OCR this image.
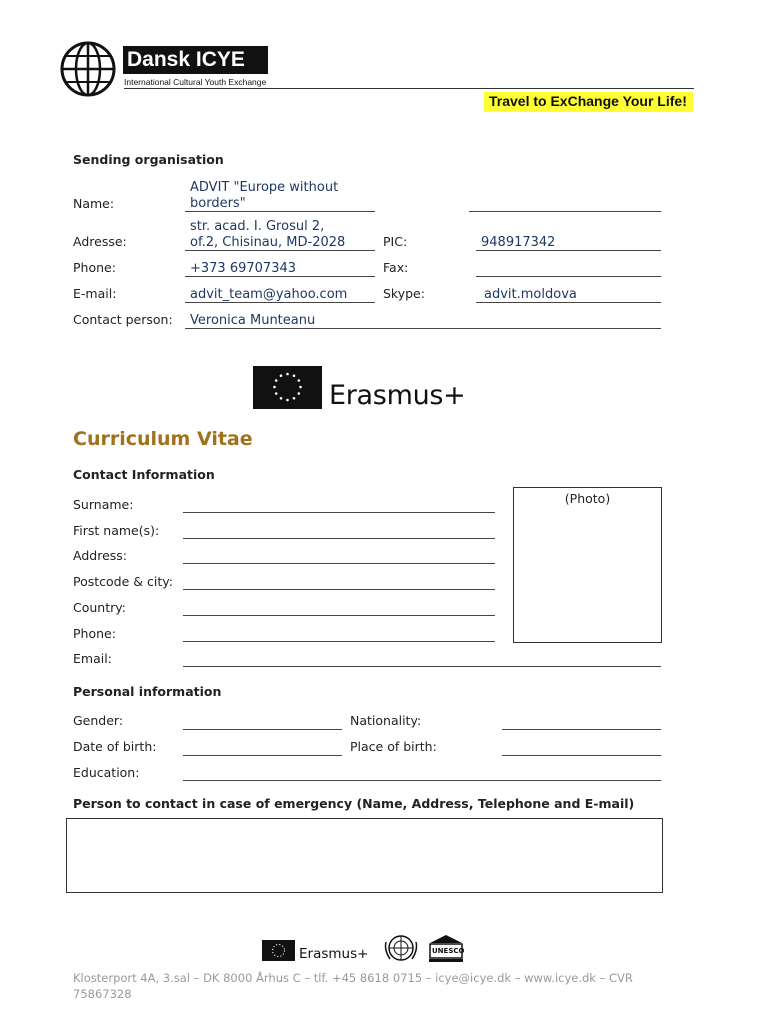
Dansk ICYE
International Cultural Youth Exchange
Travel to ExChange Your Life!
Sending organisation
Name:
ADVIT "Europe without
borders"
Adresse:
str. acad. I. Grosul 2,
of.2, Chisinau, MD-2028	PIC:	948917342
Phone:	+373 69707343	Fax:
E-mail:	advit_team@yahoo.com	Skype:	advit.moldova
Contact person: Veronica Munteanu
Erasmus+
Curriculum Vitae
Contact Information
(Photo)
Surname:
First name(s):
Address:
Postcode & city:
Country:
Phone:
Email:
Personal information
Gender:	Nationality:
Date of birth:	Place of birth:
Education:
Person to contact in case of emergency (Name, Address, Telephone and E-mail)
Erasmus+	UNESCO
Klosterport 4A, 3.sal – DK 8000 Århus C – tlf. +45 8618 0715 – icye@icye.dk – www.icye.dk – CVR
75867328
